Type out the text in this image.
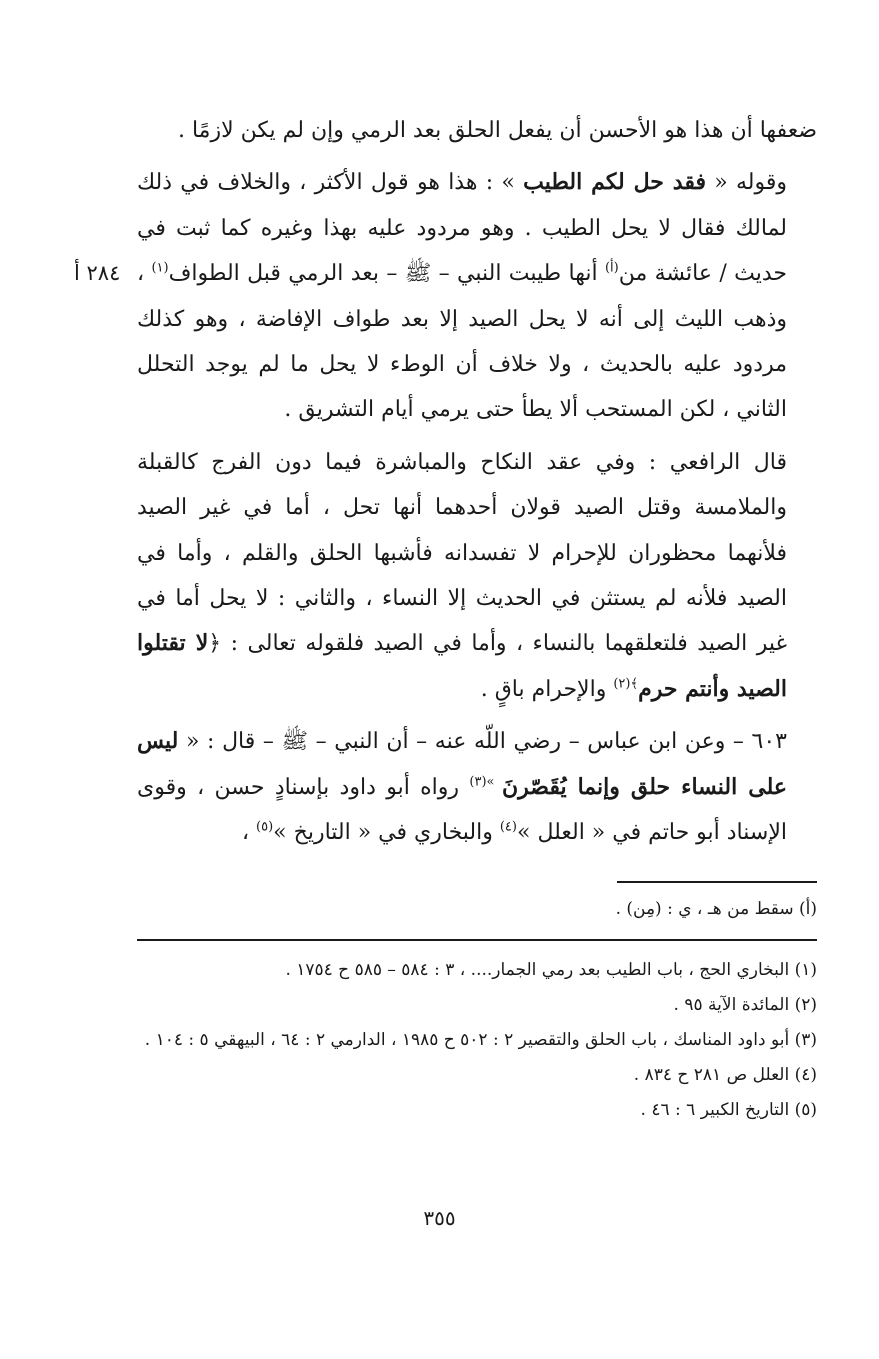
٢٨٤ أ

ضعفها أن هذا هو الأحسن أن يفعل الحلق بعد الرمي وإن لم يكن لازمًا .

وقوله « فقد حل لكم الطيب » : هذا هو قول الأكثر ، والخلاف في ذلك لمالك فقال لا يحل الطيب . وهو مردود عليه بهذا وغيره كما ثبت في حديث / عائشة من$^{(أ)}$ أنها طيبت النبي – ﷺ – بعد الرمي قبل الطواف$^{(١)}$ ، وذهب الليث إلى أنه لا يحل الصيد إلا بعد طواف الإفاضة ، وهو كذلك مردود عليه بالحديث ، ولا خلاف أن الوطء لا يحل ما لم يوجد التحلل الثاني ، لكن المستحب ألا يطأ حتى يرمي أيام التشريق .

قال الرافعي : وفي عقد النكاح والمباشرة فيما دون الفرج كالقبلة والملامسة وقتل الصيد قولان أحدهما أنها تحل ، أما في غير الصيد فلأنهما محظوران للإحرام لا تفسدانه فأشبها الحلق والقلم ، وأما في الصيد فلأنه لم يستثن في الحديث إلا النساء ، والثاني : لا يحل أما في غير الصيد فلتعلقهما بالنساء ، وأما في الصيد فلقوله تعالى : ﴿لا تقتلوا الصيد وأنتم حرم$^{﴾(٢)}$ والإحرام باقٍ .

٦٠٣ – وعن ابن عباس – رضي اللّه عنه – أن النبي – ﷺ – قال : « ليس على النساء حلق وإنما يُقَصّرنَ $^{»(٣)}$ رواه أبو داود بإسنادٍ حسن ، وقوى الإسناد أبو حاتم في « العلل »$^{(٤)}$ والبخاري في « التاريخ »$^{(٥)}$ ،

(أ) سقط من هـ ، ي : (مِن) .

(١) البخاري الحج ، باب الطيب بعد رمي الجمار.... ، ٣ : ٥٨٤ – ٥٨٥ ح ١٧٥٤ .

(٢) المائدة الآية ٩٥ .

(٣) أبو داود المناسك ، باب الحلق والتقصير ٢ : ٥٠٢ ح ١٩٨٥ ، الدارمي ٢ : ٦٤ ، البيهقي ٥ : ١٠٤ .

(٤) العلل ص ٢٨١ ح ٨٣٤ .

(٥) التاريخ الكبير ٦ : ٤٦ .

٣٥٥
